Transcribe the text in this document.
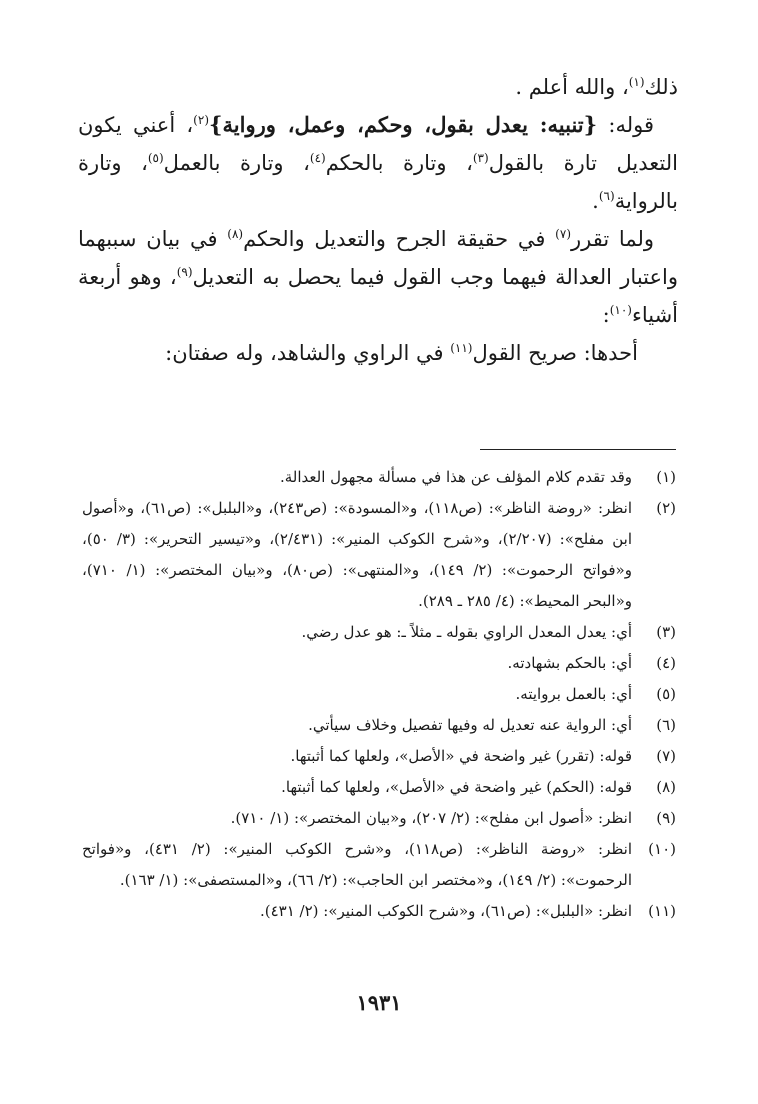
ذلك$^{(١)}$، والله أعلم .
قوله: {تنبيه: يعدل بقول، وحكم، وعمل، ورواية}$^{(٢)}$، أعني يكون
التعديل تارة بالقول$^{(٣)}$، وتارة بالحكم$^{(٤)}$، وتارة بالعمل$^{(٥)}$، وتارة
بالرواية$^{(٦)}$.
ولما تقرر$^{(٧)}$ في حقيقة الجرح والتعديل والحكم$^{(٨)}$ في بيان سببهما
واعتبار العدالة فيهما وجب القول فيما يحصل به التعديل$^{(٩)}$، وهو أربعة
أشياء$^{(١٠)}$:
أحدها: صريح القول$^{(١١)}$ في الراوي والشاهد، وله صفتان:
(١)
وقد تقدم كلام المؤلف عن هذا في مسألة مجهول العدالة.
(٢)
انظر: «روضة الناظر»: (ص١١٨)، و«المسودة»: (ص٢٤٣)، و«البلبل»: (ص٦١)، و«أصول ابن مفلح»: (٢/٢٠٧)، و«شرح الكوكب المنير»: (٢/٤٣١)، و«تيسير التحرير»: (٣/ ٥٠)، و«فواتح الرحموت»: (٢/ ١٤٩)، و«المنتهى»: (ص٨٠)، و«بيان المختصر»: (١/ ٧١٠)، و«البحر المحيط»: (٤/ ٢٨٥ ـ ٢٨٩).
(٣)
أي: يعدل المعدل الراوي بقوله ـ مثلاً ـ: هو عدل رضي.
(٤)
أي: بالحكم بشهادته.
(٥)
أي: بالعمل بروايته.
(٦)
أي: الرواية عنه تعديل له وفيها تفصيل وخلاف سيأتي.
(٧)
قوله: (تقرر) غير واضحة في «الأصل»، ولعلها كما أثبتها.
(٨)
قوله: (الحكم) غير واضحة في «الأصل»، ولعلها كما أثبتها.
(٩)
انظر: «أصول ابن مفلح»: (٢/ ٢٠٧)، و«بيان المختصر»: (١/ ٧١٠).
(١٠)
انظر: «روضة الناظر»: (ص١١٨)، و«شرح الكوكب المنير»: (٢/ ٤٣١)، و«فواتح الرحموت»: (٢/ ١٤٩)، و«مختصر ابن الحاجب»: (٢/ ٦٦)، و«المستصفى»: (١/ ١٦٣).
(١١)
انظر: «البلبل»: (ص٦١)، و«شرح الكوكب المنير»: (٢/ ٤٣١).
١٩٣١
